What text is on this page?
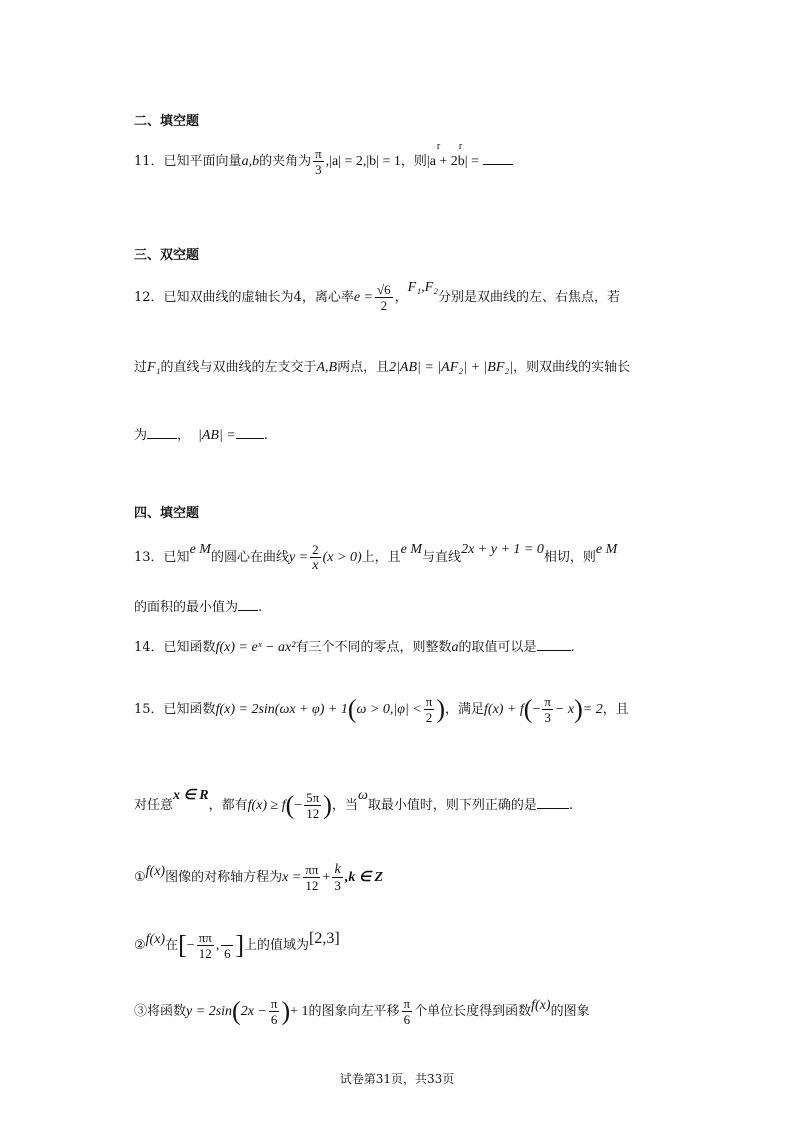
二、填空题
三、双空题
四、填空题
11．已知平面向量a,b的夹角为 $\frac{\pi}{3} ,|a| = 2,|b| = 1$，则|a + 2b| =
r r
12．已知双曲线的虚轴长为4，离心率$e = \frac{√6}{2}$ ，F₁,F₂分别是双曲线的左、右焦点，若
过F₁的直线与双曲线的左支交于A,B两点，且2|AB| = |AF₂| + |BF₂|，则双曲线的实轴长
为 ， |AB| = .
13．已知e M的圆心在曲线$y = \frac{2}{x} (x > 0)$上，且e M与直线2x + y + 1 = 0相切，则e M
的面积的最小值为 .
14．已知函数f(x) = eˣ − ax²有三个不同的零点，则整数a的取值可以是	.
15．已知函数$f(x) = 2\sin(\omega x + \varphi) + 1(\omega > 0,|\varphi| < \frac{\pi}{2}$ )，满足$f(x) + f(- \frac{\pi}{3} - x)= 2$，且
对任意x ∈ R，都有$f(x) \ge f(- \frac{5\pi}{12}$ )，当ω取最小值时，则下列正确的是 .
①f(x)图像的对称轴方程为$x = \frac{\pi\pi}{12} + \frac{k}{3} ,k$ ∈ Z
②f(x)在[− $\frac{\pi\pi}{12}$ ,
6 ]上的值域为[2,3]
③将函数$y = 2\sin(2x - \frac{\pi}{6}$ )+ 1的图象向左平移 $\frac{\pi}{6}$ 个单位长度得到函数f(x)的图象
试卷第31页，共33页
